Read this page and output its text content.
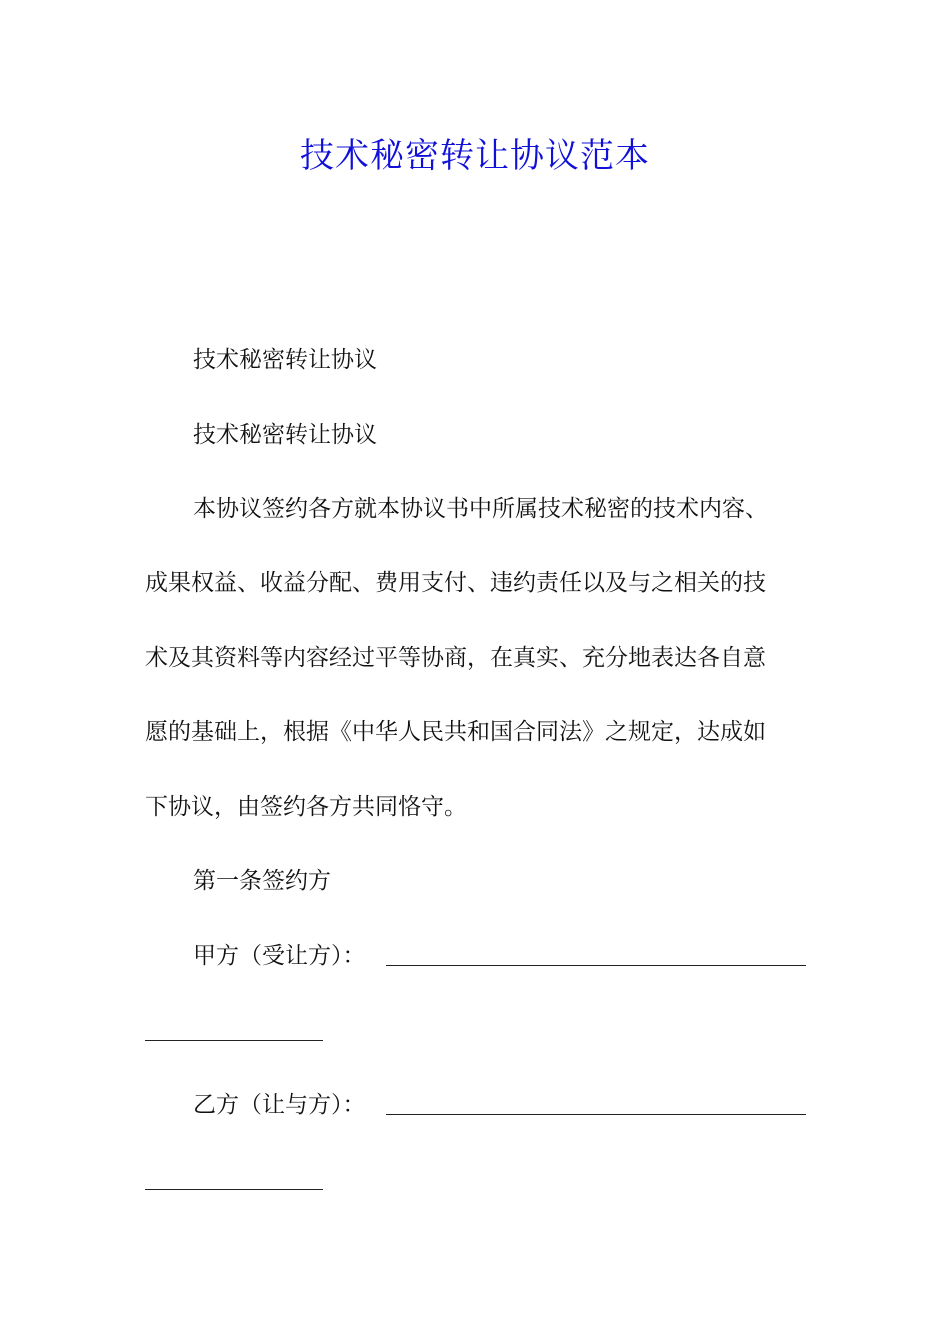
技术秘密转让协议范本

技术秘密转让协议

技术秘密转让协议

本协议签约各方就本协议书中所属技术秘密的技术内容、

成果权益、收益分配、费用支付、违约责任以及与之相关的技

术及其资料等内容经过平等协商，在真实、充分地表达各自意

愿的基础上，根据《中华人民共和国合同法》之规定，达成如

下协议，由签约各方共同恪守。

第一条签约方

甲方（受让方）：

乙方（让与方）：
